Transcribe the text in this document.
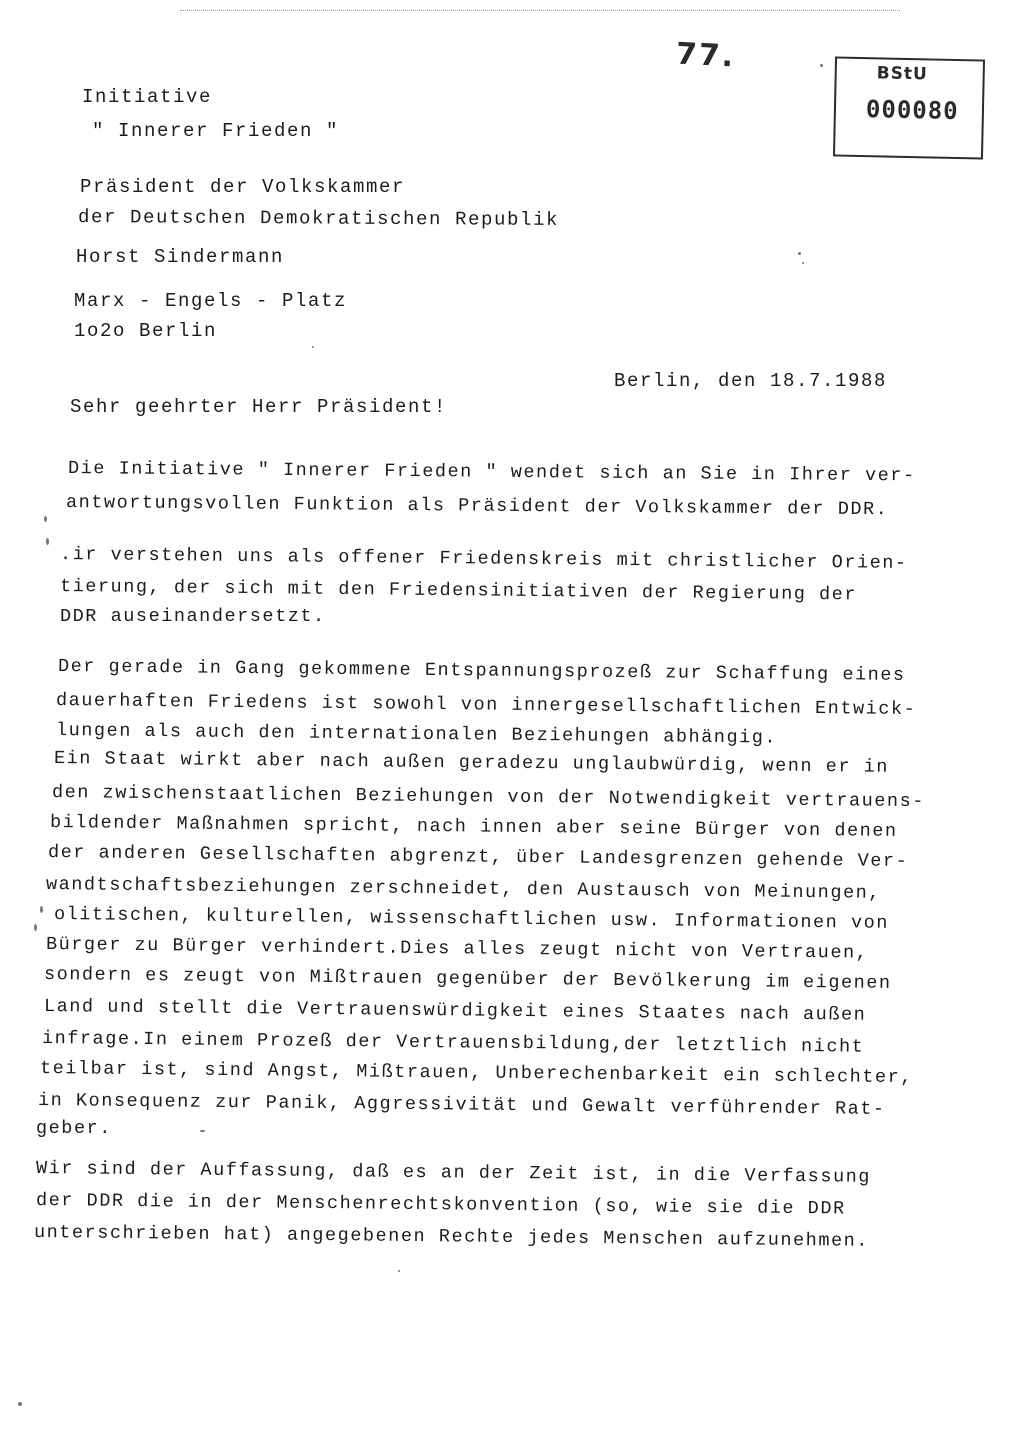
77.	BStU
000080
Initiative
" Innerer Frieden "
Präsident der Volkskammer
der Deutschen Demokratischen Republik
Horst Sindermann
Marx - Engels - Platz
1o2o Berlin
Berlin, den 18.7.1988
Sehr geehrter Herr Präsident!
Die Initiative " Innerer Frieden " wendet sich an Sie in Ihrer ver-
antwortungsvollen Funktion als Präsident der Volkskammer der DDR.
.ir verstehen uns als offener Friedenskreis mit christlicher Orien-
tierung, der sich mit den Friedensinitiativen der Regierung der
DDR auseinandersetzt.
Der gerade in Gang gekommene Entspannungsprozeß zur Schaffung eines
dauerhaften Friedens ist sowohl von innergesellschaftlichen Entwick-
lungen als auch den internationalen Beziehungen abhängig.
Ein Staat wirkt aber nach außen geradezu unglaubwürdig, wenn er in
den zwischenstaatlichen Beziehungen von der Notwendigkeit vertrauens-
bildender Maßnahmen spricht, nach innen aber seine Bürger von denen
der anderen Gesellschaften abgrenzt, über Landesgrenzen gehende Ver-
wandtschaftsbeziehungen zerschneidet, den Austausch von Meinungen,
olitischen, kulturellen, wissenschaftlichen usw. Informationen von
Bürger zu Bürger verhindert.Dies alles zeugt nicht von Vertrauen,
sondern es zeugt von Mißtrauen gegenüber der Bevölkerung im eigenen
Land und stellt die Vertrauenswürdigkeit eines Staates nach außen
infrage.In einem Prozeß der Vertrauensbildung,der letztlich nicht
teilbar ist, sind Angst, Mißtrauen, Unberechenbarkeit ein schlechter,
in Konsequenz zur Panik, Aggressivität und Gewalt verführender Rat-
geber.
Wir sind der Auffassung, daß es an der Zeit ist, in die Verfassung
der DDR die in der Menschenrechtskonvention (so, wie sie die DDR
unterschrieben hat) angegebenen Rechte jedes Menschen aufzunehmen.
